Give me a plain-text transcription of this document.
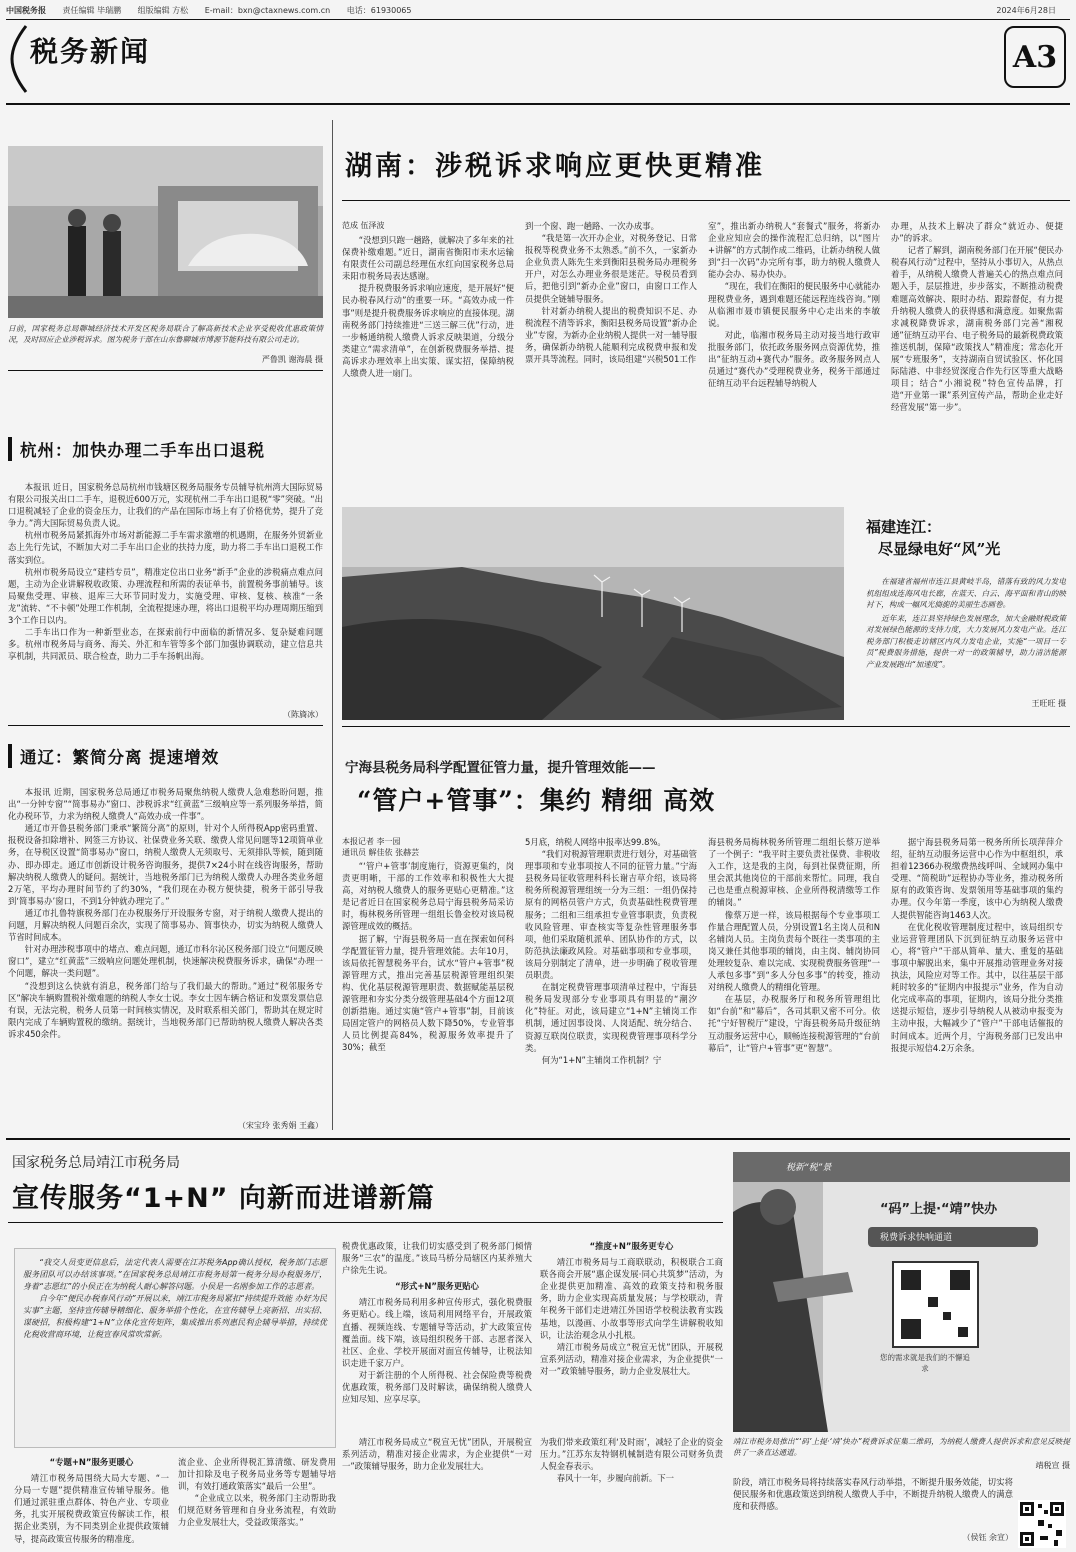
中国税务报 责任编辑 毕瑞鹏 组版编辑 方松 E-mail：bxn@ctaxnews.com.cn 电话：61930065	2024年6月28日
税务新闻	A3
日前，国家税务总局聊城经济技术开发区税务局联合了解高新技术企业享受税收优惠政策情况，及时回应企业涉税诉求。图为税务干部在山东鲁聊城市博源节能科技有限公司走访。
严鲁凯 谢海晨 摄
杭州：加快办理二手车出口退税

本报讯 近日，国家税务总局杭州市钱塘区税务局服务专员辅导杭州湾大国际贸易有限公司报关出口二手车，退税近600万元，实现杭州二手车出口退税“零”突破。“出口退税减轻了企业的资金压力，让我们的产品在国际市场上有了价格优势，提升了竞争力。”湾大国际贸易负责人说。

杭州市税务局紧抓海外市场对新能源二手车需求激增的机遇期，在服务外贸新业态上先行先试，不断加大对二手车出口企业的扶持力度，助力将二手车出口退税工作落实到位。

杭州市税务局设立“建档专员”，精准定位出口业务“新手”企业的涉税痛点难点问题，主动为企业讲解税收政策、办理流程和所需的表证单书，前置税务事前辅导。该局聚焦受理、审核、退库三大环节同时发力，实施受理、审核、复核、核准“一条龙”流转、“不卡顿”处理工作机制，全流程提速办理，将出口退税平均办理周期压缩到3个工作日以内。

二手车出口作为一种新型业态，在探索前行中面临的新情况多、复杂疑难问题多。杭州市税务局与商务、海关、外汇和车管等多个部门加强协调联动，建立信息共享机制，共同派员、联合检查，助力二手车扬帆出海。

（陈旖冰）
通辽：繁简分离 提速增效

本报讯 近期，国家税务总局通辽市税务局聚焦纳税人缴费人急难愁盼问题，推出“一分钟专窗”“简事易办”窗口、涉税诉求“红黄蓝”三级响应等一系列服务举措，简化办税环节，力求为纳税人缴费人“高效办成一件事”。

通辽市开鲁县税务部门秉承“繁简分离”的原则，针对个人所得税App密码重置、报税设备扣除增补、网签三方协议、社保费业务关联、缴费人常见问题等12项简单业务，在导税区设置“简事易办”窗口，纳税人缴费人无须取号、无须排队等候，随到随办、即办即走。通辽市创新设计税务咨询服务，提供7×24小时在线咨询服务，帮助解决纳税人缴费人的疑问。据统计，当地税务部门已为纳税人缴费人办理各类业务超2万笔，平均办理时间节约了约30%，“我们现在办税方便快捷，税务干部引导我到‘简事易办’窗口，不到1分钟就办理完了。”

通辽市扎鲁特旗税务部门在办税服务厅开设服务专窗，对于纳税人缴费人提出的问题，月解决纳税人问题百余次，实现了简事易办、简事快办，切实为纳税人缴费人节省时间成本。

针对办理涉税事项中的堵点、难点问题，通辽市科尔沁区税务部门设立“问题反映窗口”，建立“红黄蓝”三级响应问题处理机制，快速解决税费服务诉求，确保“办理一个问题，解决一类问题”。

“没想到这么快就有消息，税务部门给与了我们最大的帮助。”通过“税邻服务专区”解决车辆购置税补缴难题的纳税人李女士说。李女士因车辆合格证和发票发票信息有误，无法完税，税务人员第一时间核实情况，及时联系相关部门，帮助其在规定时限内完成了车辆购置税的缴纳。据统计，当地税务部门已帮助纳税人缴费人解决各类诉求450余件。

（宋宝玲 张秀娟 王鑫）
湖南：涉税诉求响应更快更精准
范成 伍泽波

“没想到只跑一趟路，就解决了多年来的社保费补缴难题。”近日，湖南省衡阳市耒水运输有限责任公司副总经理伍水红向国家税务总局耒阳市税务局表达感谢。

提升税费服务诉求响应速度，是开展好“便民办税春风行动”的重要一环。“高效办成一件事”则是提升税费服务诉求响应的直接体现。湖南税务部门持续推进“三送三解三优”行动，进一步畅通纳税人缴费人诉求反映渠道，分级分类建立“需求清单”，在创新税费服务举措、提高诉求办理效率上出实策、谋实招，保障纳税人缴费人进一扇门。

到一个窗、跑一趟路、一次办成事。

“我是第一次开办企业，对税务登记、日常报税等税费业务不太熟悉。”前不久，一家新办企业负责人陈先生来到衡阳县税务局办理税务开户，对怎么办理业务很是迷茫。导税员看到后，把他引到“新办企业”窗口，由窗口工作人员提供全链辅导服务。

针对新办纳税人提出的税费知识不足、办税流程不清等诉求，衡阳县税务局设置“新办企业”专窗，为新办企业纳税人提供一对一辅导服务，确保新办纳税人能顺利完成税费申报和发票开具等流程。同时，该局组建“兴税501工作

室”，推出新办纳税人“套餐式”服务，将新办企业应知应会的操作流程汇总归纳，以“图片+讲解”的方式制作成二维码，让新办纳税人做到“扫一次码”办完所有事，助力纳税人缴费人能办会办、易办快办。

“现在，我们在衡阳的便民服务中心就能办理税费业务，遇到难题还能远程连线咨询。”刚从临湘市聂市镇便民服务中心走出来的李敏说。

对此，临湘市税务局主动对接当地行政审批服务部门，依托政务服务网点资源优势，推出“征纳互动+赛代办”服务。政务服务网点人员通过“赛代办”受理税费业务，税务干部通过征纳互动平台远程辅导纳税人

办理，从技术上解决了群众“就近办、便捷办”的诉求。

记者了解到，湖南税务部门在开展“便民办税春风行动”过程中，坚持从小事切入，从热点着手，从纳税人缴费人普遍关心的热点难点问题入手，层层推进，步步落实，不断推动税费难题高效解决、限时办结、跟踪督促，有力提升纳税人缴费人的获得感和满意度。如聚焦需求减税降费诉求，湖南税务部门完善“湘税通”征纳互动平台、电子税务局的最新税费政策推送机制，保障“政策找人”精准度；常态化开展“专班服务”，支持湖南自贸试验区、怀化国际陆港、中非经贸深度合作先行区等重大战略项目；结合“小湘说税”特色宣传品牌，打造“开业第一课”系列宣传产品，帮助企业走好经营发展“第一步”。

福建连江：
尽显绿电好“风”光

在福建省福州市连江县黄岐半岛，错落有致的风力发电机组组成连海风电长廊，在蓝天、白云、海平面和青山的映衬下，构成一幅风光旖旎的美丽生态画卷。

近年来，连江县坚持绿色发展理念，加大金融财税政策对发展绿色能源的支持力度，大力发展风力发电产业。连江税务部门积极走访辖区内风力发电企业，实施“一项目一专员”税费服务措施，提供一对一的政策辅导，助力清洁能源产业发展跑出“加速度”。

王旺旺 摄
宁海县税务局科学配置征管力量，提升管理效能——
“管户+管事”：集约 精细 高效
本报记者 李一园
通讯员 解佳依 张赫芸

“‘管户+管事’制度施行，资源更集约，岗责更明晰，干部的工作效率和积极性大大提高，对纳税人缴费人的服务更贴心更精准。”这是记者近日在国家税务总局宁海县税务局采访时，梅林税务所管理一组组长鲁金校对该局税源管理成效的概括。

据了解，宁海县税务局一直在探索如何科学配置征管力量，提升管理效能。去年10月，该局依托智慧税务平台，试水“管户+管事”税源管理方式，推出完善基层税源管理组织架构、优化基层税源管理职责、数据赋能基层税源管理和夯实分类分级管理基础4个方面12项创新措施。通过实施“管户+管事”制，目前该局固定管户的网格员人数下降50%，专业管事人员比例提高84%，税源服务效率提升了30%；截至

5月底，纳税人网络申报率达99.8%。

“我们对税源管理职责进行划分，对基础管理事项和专业事项按人不同的征管力量。”宁海县税务局征收管理科科长谢吉草介绍，该局将税务所税源管理组统一分为三组：一组仍保持原有的网格员管户方式，负责基础性税费管理服务；二组和三组承担专业管事职责，负责税收风险管理、审查核实等复杂性管理服务事项，他们采取随机派单、团队协作的方式，以防范执法廉政风险。对基础事项和专业事项，该局分别制定了清单，进一步明确了税收管理员职责。

在制定税费管理事项清单过程中，宁海县税务局发现部分专业事项具有明显的“潮汐化”特征。对此，该局建立“1+N”主辅岗工作机制，通过因事设岗、人岗适配、统分结合、资源互联岗位联责，实现税费管理事项科学分类。

何为“1+N”主辅岗工作机制？宁

海县税务局梅林税务所管理二组组长蔡万逆举了一个例子：“我平时主要负责社保费、非税收入工作，这是我的主岗，每到社保费征期，所里会派其他岗位的干部前来帮忙。同理，我自己也是重点税源审核、企业所得税清缴等工作的辅岗。”

像蔡万逆一样，该局根据每个专业事项工作量合理配置人员，分别设置1名主岗人员和N名辅岗人员。主岗负责每个既往一类事项的主岗又兼任其他事项的辅岗，由主岗、辅岗协同处理较复杂、难以完成、实现税费服务管理“一人承包多事”到“多人分包多事”的转变，推动对纳税人缴费人的精细化管理。

在基层，办税服务厅和税务所管理组比如“台前”和“幕后”，各司其职又密不可分。依托“宁好智税厅”建设，宁海县税务局升级征纳互动服务运营中心，顺畅连接税源管理的“台前幕后”，让“管户+管事”更“智慧”。

据宁海县税务局第一税务所所长项萍萍介绍，征纳互动服务运营中心作为中枢组织，承担着12366办税缴费热线呼叫、全域网办集中受理、“简税助”远程协办等业务，推动税务所原有的政策咨询、发票领用等基础事项的集约办理。仅今年第一季度，该中心为纳税人缴费人提供智能咨询1463人次。

在优化税收管理制度过程中，该局组织专业运营管理团队下沉到征纳互动服务运营中心，将“管户”干部从简单、量大、重复的基础事项中解脱出来，集中开展推动管理业务对接执法，风险应对等工作。其中，以往基层干部耗时较多的“征期内申报提示”业务，作为自动化完成率高的事项，征期内，该局分批分类推送提示短信，逐步引导纳税人从被动申报变为主动申报，大幅减少了“管户”干部电话催报的时间成本。近两个月，宁海税务部门已发出申报提示短信4.2万余条。

国家税务总局靖江市税务局
宣传服务“1+N” 向新而进谱新篇

“我交人员变更信息后，法定代表人需要在江苏税务App确认授权，税务部门志愿服务团队可以办结该事项。”在国家税务总局靖江市税务局第一税务分局办税服务厅，身着“志愿红”的小侯正在为纳税人耐心解答问题。小侯是一名刚参加工作的志愿者。

自今年“便民办税春风行动”开展以来，靖江市税务局紧扣“持续提升效能 办好为民实事”主题，坚持宣传辅导精细化、服务举措个性化，在宣传辅导上亮新招、出实招、谋硬招，积极构建“1+N”立体化宣传矩阵，集成推出系列惠民利企辅导举措，持续优化税收营商环境，让税宣春风常吹常新。

税费优惠政策，让我们切实感受到了税务部门倾情服务“三农”的温度。”该局马桥分局辖区内某养殖大户徐先生说。

“形式+N”服务更贴心

靖江市税务局利用多种宣传形式，强化税费服务更贴心。线上端，该局利用网络平台，开展政策直播、视频连线、专题辅导等活动，扩大政策宣传覆盖面。线下端，该局组织税务干部、志愿者深入社区、企业、学校开展面对面宣传辅导，让税法知识走进千家万户。

对于新注册的个人所得税、社会保险费等税费优惠政策，税务部门及时解读，确保纳税人缴费人应知尽知、应享尽享。

“推度+N”服务更专心

靖江市税务局与工商联联动，积极联合工商联各商会开展“惠企谋发展·同心共筑梦”活动，为企业提供更加精准、高效的政策支持和税务服务，助力企业实现高质量发展；与学校联动，青年税务干部们走进靖江外国语学校税法教育实践基地，以漫画、小故事等形式向学生讲解税收知识，让法治观念从小扎根。

靖江市税务局成立“税宣无忧”团队，开展税宣系列活动，精准对接企业需求，为企业提供“一对一”政策辅导服务，助力企业发展壮大。

“专题+N”服务更暖心

靖江市税务局围绕大局大专题、“一分局一专题”提供精准宣传辅导服务。他们通过派驻重点群体、特色产业、专项业务，扎实开展税费政策宣传解读工作，根据企业类别，为不同类别企业提供政策辅导，提高政策宣传服务的精准度。

流企业、企业所得税汇算清缴、研发费用加计扣除及电子税务局业务等专题辅导培训，有效打通政策落实“最后一公里”。

“企业成立以来，税务部门主动帮助我们规范财务管理和自身业务流程，有效助力企业发展壮大，受益政策落实。”

靖江市税务局成立“税宣无忧”团队，开展税宣系列活动，精准对接企业需求，为企业提供“一对一”政策辅导服务，助力企业发展壮大。

为我们带来政策红利‘及时雨’，减轻了企业的资金压力。”江苏东友特钢机械制造有限公司财务负责人倪金春表示。

春风十一年，步履向前新。下一	阶段，靖江市税务局将持续落实春风行动举措，不断提升服务效能，切实将便民服务和优惠政策送到纳税人缴费人手中，不断提升纳税人缴费人的满意度和获得感。

（侯钰 余宣）
税新“税”景
“码”上提·“靖”快办
税费诉求快响通道
您的需求就是我们的不懈追求
靖江市税务局推出“‘码’上提·‘靖’快办”税费诉求征集二维码，为纳税人缴费人提供诉求和意见反映提供了一条直达通道。
靖税宣 摄
